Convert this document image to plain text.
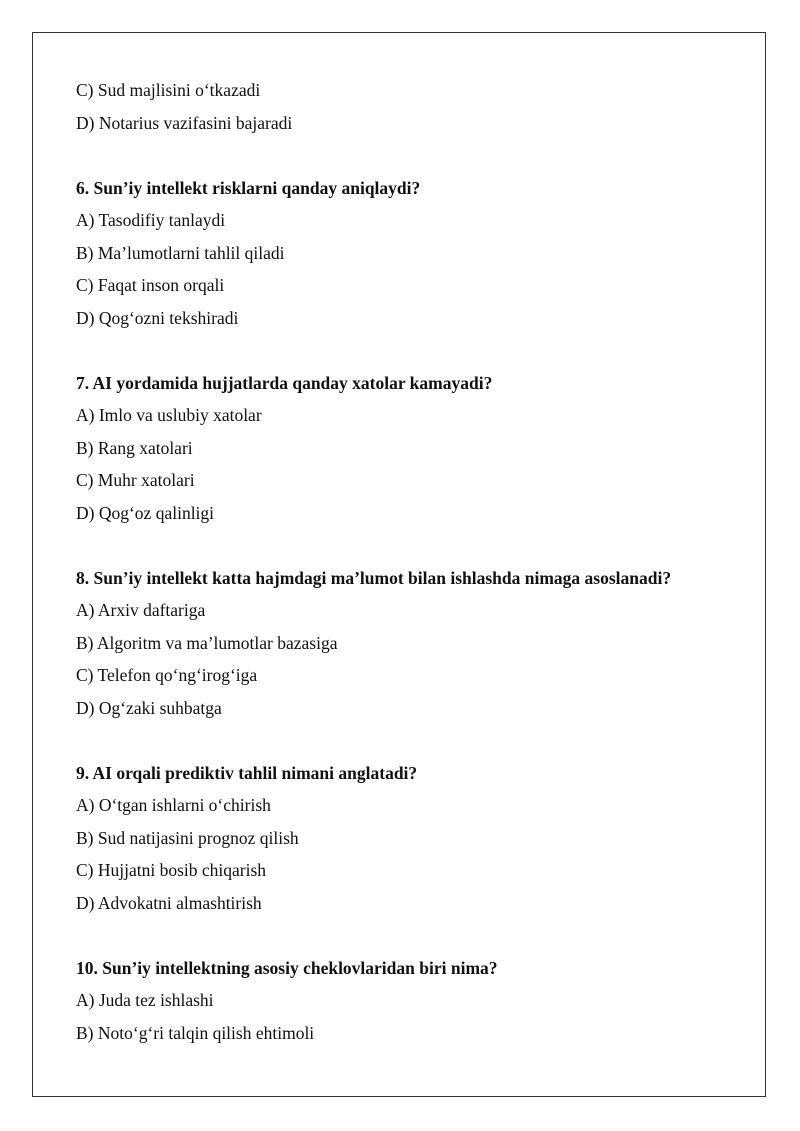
C) Sud majlisini o‘tkazadi
D) Notarius vazifasini bajaradi
6. Sun’iy intellekt risklarni qanday aniqlaydi?
A) Tasodifiy tanlaydi
B) Ma’lumotlarni tahlil qiladi
C) Faqat inson orqali
D) Qog‘ozni tekshiradi
7. AI yordamida hujjatlarda qanday xatolar kamayadi?
A) Imlo va uslubiy xatolar
B) Rang xatolari
C) Muhr xatolari
D) Qog‘oz qalinligi
8. Sun’iy intellekt katta hajmdagi ma’lumot bilan ishlashda nimaga asoslanadi?
A) Arxiv daftariga
B) Algoritm va ma’lumotlar bazasiga
C) Telefon qo‘ng‘irog‘iga
D) Og‘zaki suhbatga
9. AI orqali prediktiv tahlil nimani anglatadi?
A) O‘tgan ishlarni o‘chirish
B) Sud natijasini prognoz qilish
C) Hujjatni bosib chiqarish
D) Advokatni almashtirish
10. Sun’iy intellektning asosiy cheklovlaridan biri nima?
A) Juda tez ishlashi
B) Noto‘g‘ri talqin qilish ehtimoli
